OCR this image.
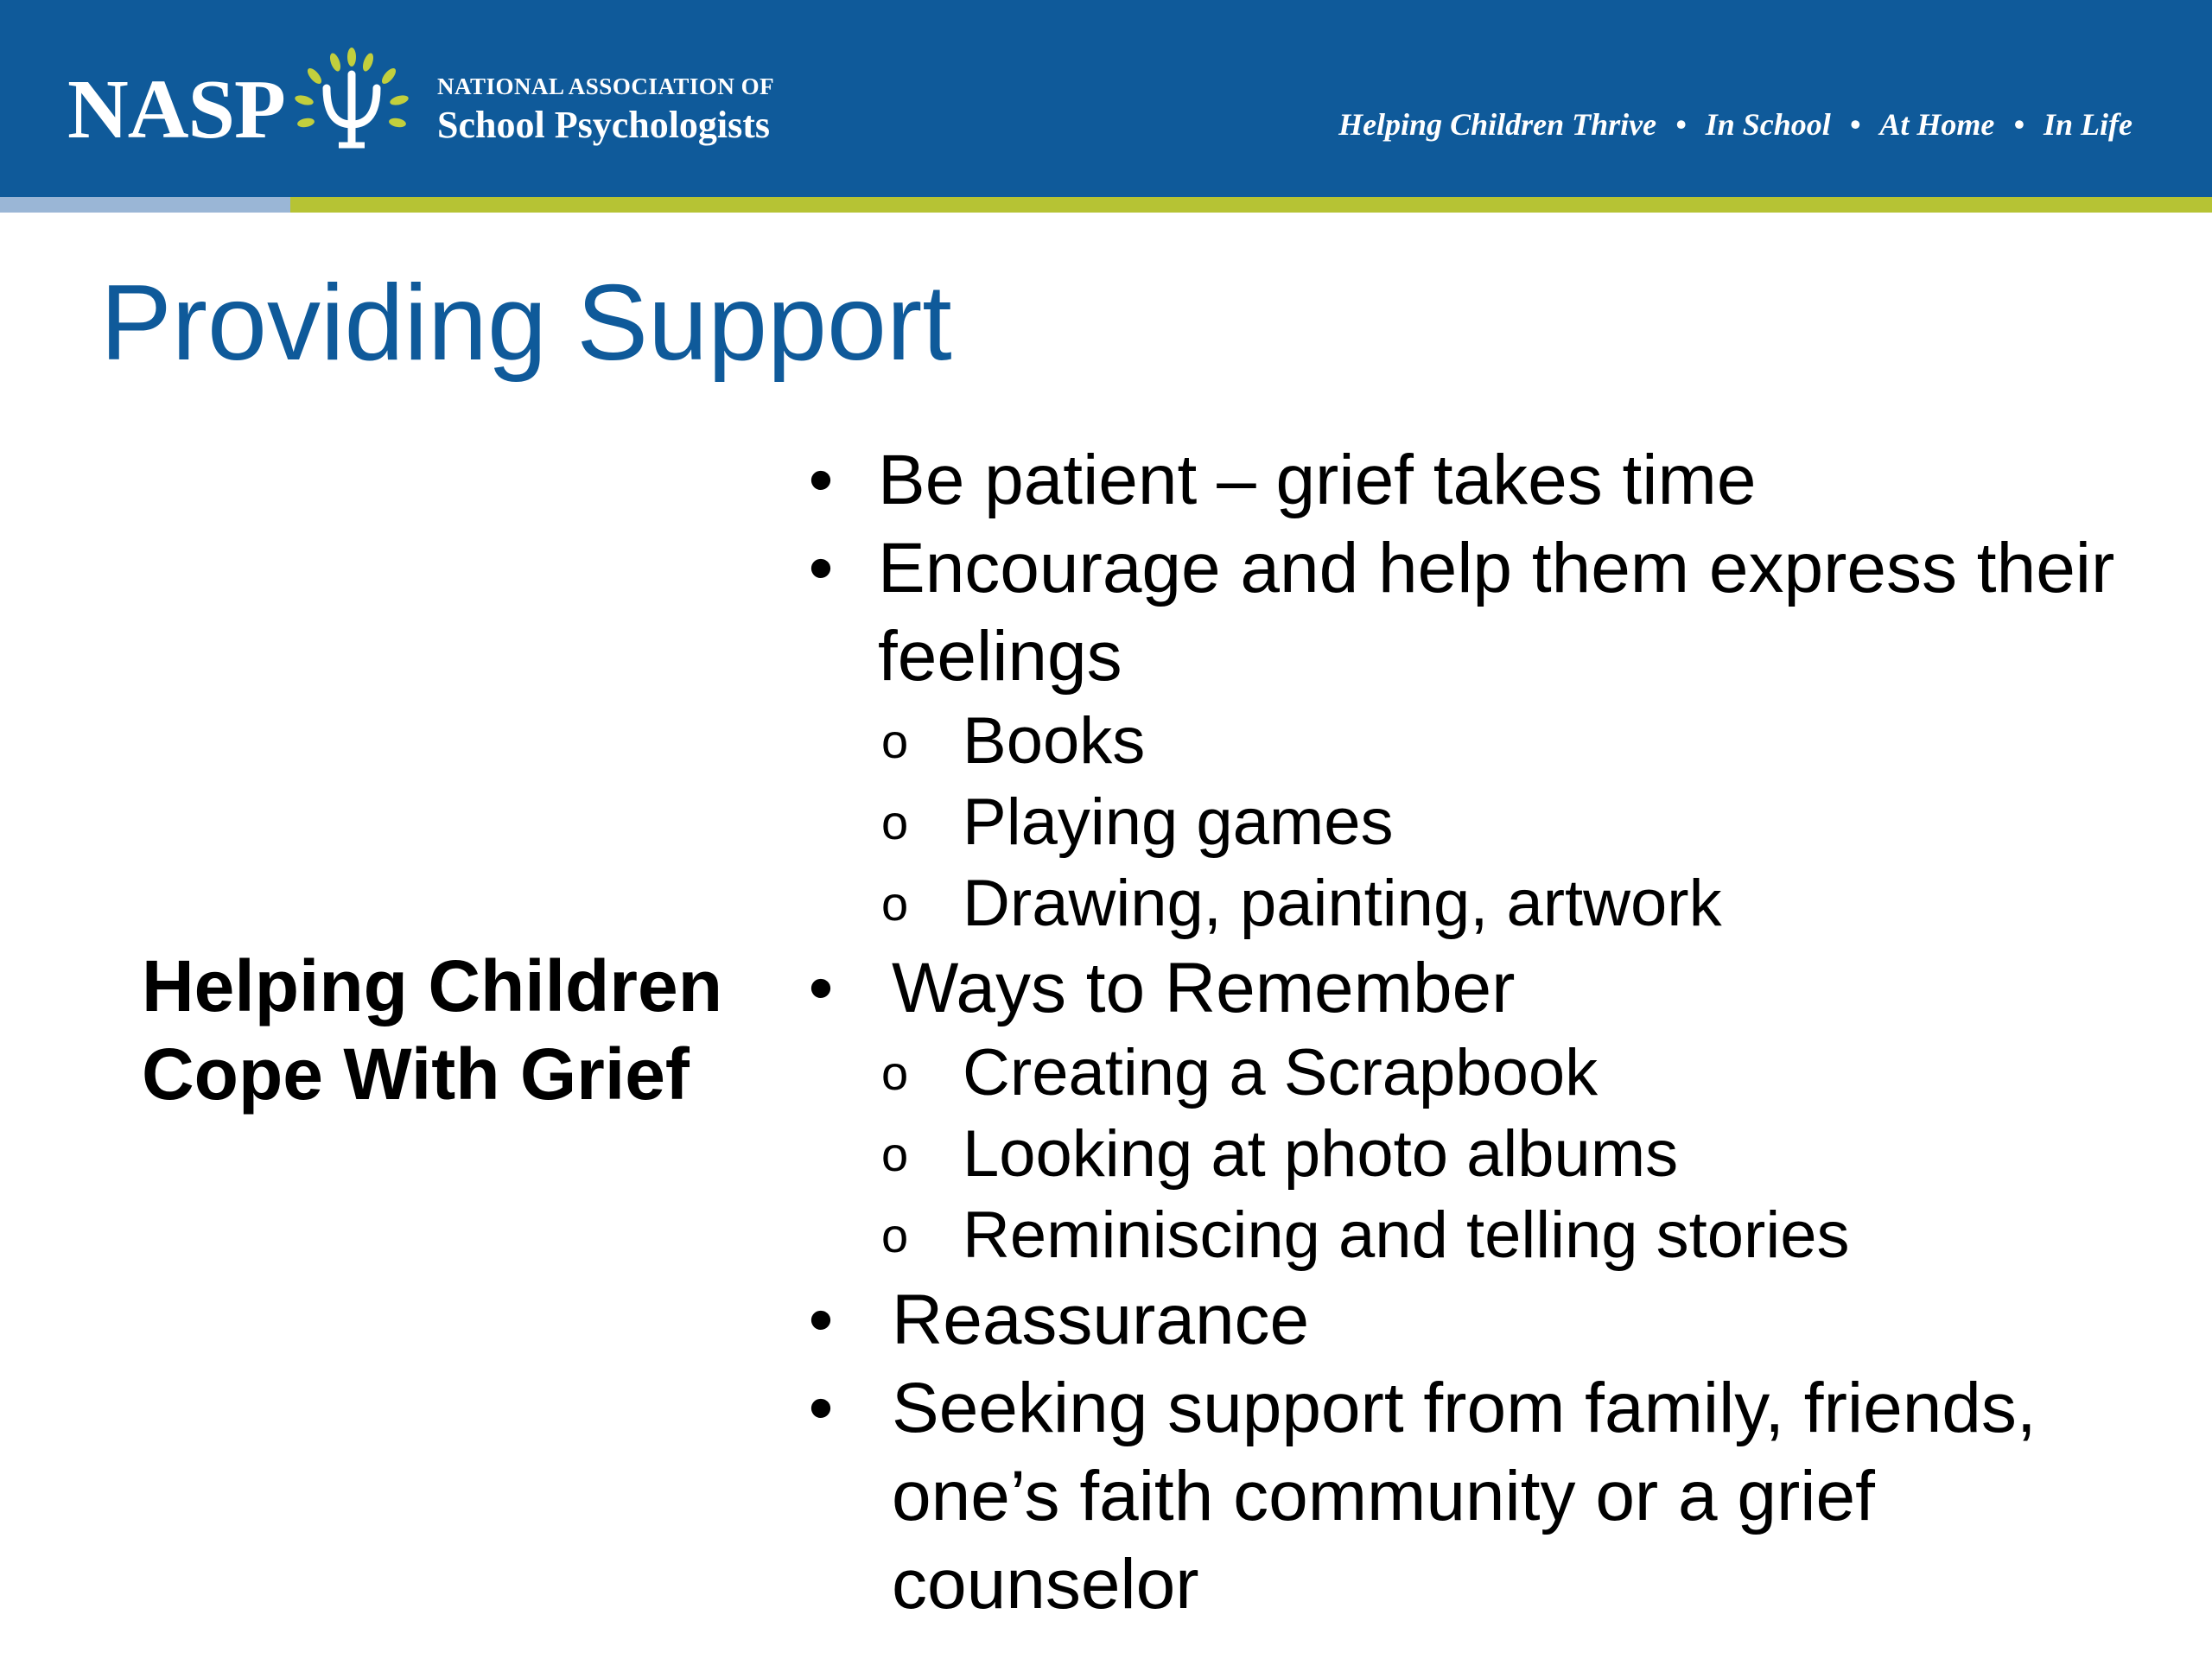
NASP	NATIONAL ASSOCIATION OF
School Psychologists	Helping Children Thrive • In School • At Home • In Life
Providing Support
Helping Children
Cope With Grief
• Be patient – grief takes time
• Encourage and help them express their feelings
o Books
o Playing games
o Drawing, painting, artwork
• Ways to Remember
o Creating a Scrapbook
o Looking at photo albums
o Reminiscing and telling stories
• Reassurance
• Seeking support from family, friends, one’s faith community or a grief counselor
